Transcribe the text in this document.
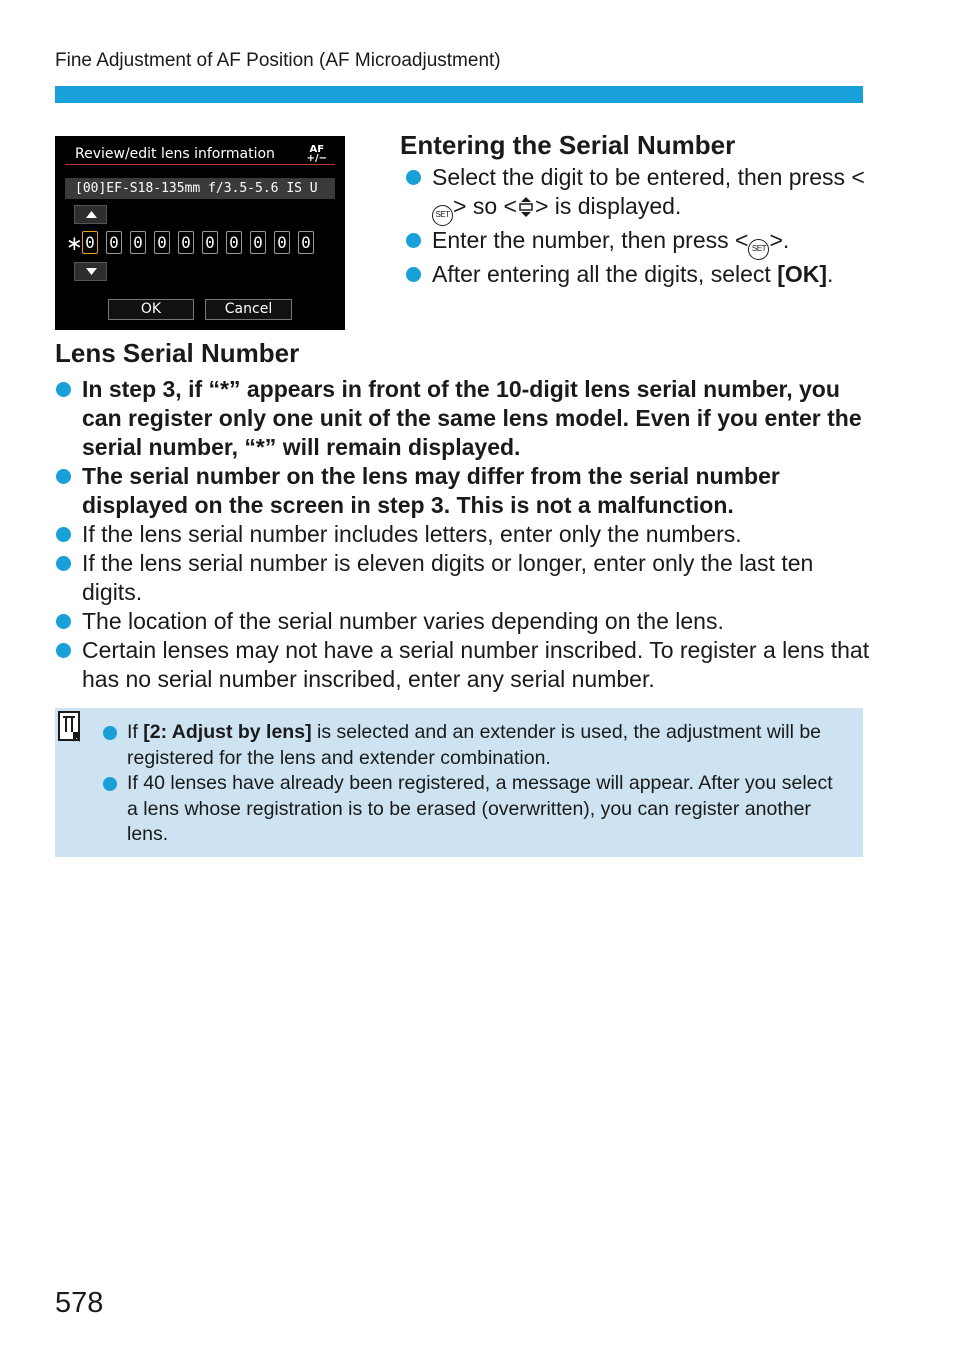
Fine Adjustment of AF Position (AF Microadjustment)
Review/edit lens information	AF
+/−
[00]EF-S18-135mm f/3.5-5.6 IS U
∗ 0 0 0 0 0 0 0 0 0 0
OK	Cancel
Entering the Serial Number
Select the digit to be entered, then press <SET > so < > is displayed.
Enter the number, then press < SET >.
After entering all the digits, select [OK].
Lens Serial Number
In step 3, if “*” appears in front of the 10-digit lens serial number, you can register only one unit of the same lens model. Even if you enter the serial number, “*” will remain displayed.
The serial number on the lens may differ from the serial number displayed on the screen in step 3. This is not a malfunction.
If the lens serial number includes letters, enter only the numbers.
If the lens serial number is eleven digits or longer, enter only the last ten digits.
The location of the serial number varies depending on the lens.
Certain lenses may not have a serial number inscribed. To register a lens that has no serial number inscribed, enter any serial number.
If [2: Adjust by lens] is selected and an extender is used, the adjustment will be registered for the lens and extender combination.
If 40 lenses have already been registered, a message will appear. After you select a lens whose registration is to be erased (overwritten), you can register another lens.
578
